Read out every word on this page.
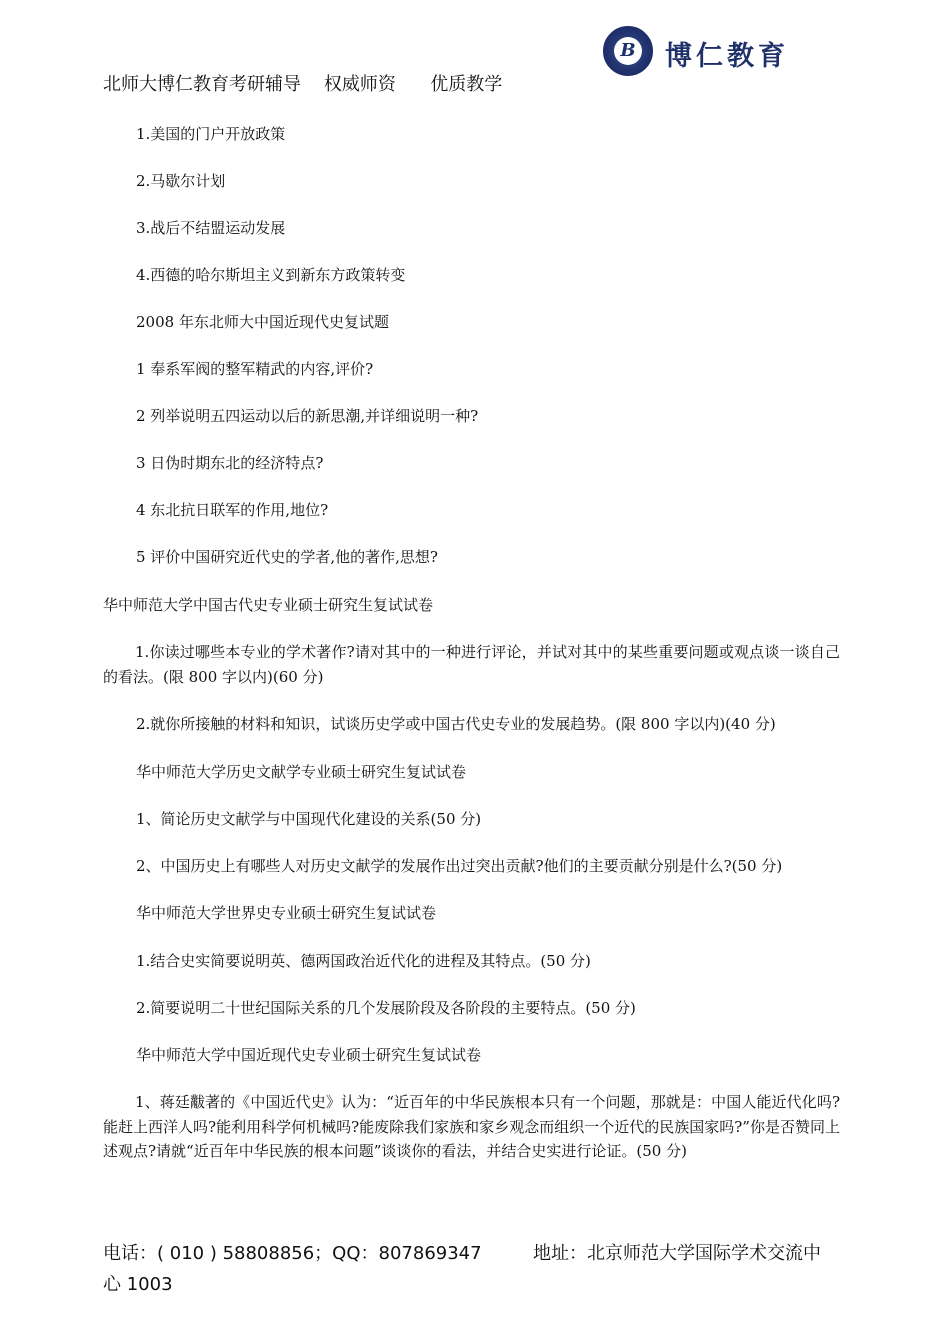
B 博仁教育
北师大博仁教育考研辅导    权威师资      优质教学
1.美国的门户开放政策
2.马歇尔计划
3.战后不结盟运动发展
4.西德的哈尔斯坦主义到新东方政策转变
2008 年东北师大中国近现代史复试题
1 奉系军阀的整军精武的内容,评价?
2 列举说明五四运动以后的新思潮,并详细说明一种?
3 日伪时期东北的经济特点?
4 东北抗日联军的作用,地位?
5 评价中国研究近代史的学者,他的著作,思想?
华中师范大学中国古代史专业硕士研究生复试试卷
1.你读过哪些本专业的学术著作?请对其中的一种进行评论，并试对其中的某些重要问题或观点谈一谈自己的看法。(限 800 字以内)(60 分)
2.就你所接触的材料和知识，试谈历史学或中国古代史专业的发展趋势。(限 800 字以内)(40 分)
华中师范大学历史文献学专业硕士研究生复试试卷
1、简论历史文献学与中国现代化建设的关系(50 分)
2、中国历史上有哪些人对历史文献学的发展作出过突出贡献?他们的主要贡献分别是什么?(50 分)
华中师范大学世界史专业硕士研究生复试试卷
1.结合史实简要说明英、德两国政治近代化的进程及其特点。(50 分)
2.简要说明二十世纪国际关系的几个发展阶段及各阶段的主要特点。(50 分)
华中师范大学中国近现代史专业硕士研究生复试试卷
1、蒋廷黻著的《中国近代史》认为：“近百年的中华民族根本只有一个问题，那就是：中国人能近代化吗?能赶上西洋人吗?能利用科学何机械吗?能废除我们家族和家乡观念而组织一个近代的民族国家吗?”你是否赞同上述观点?请就“近百年中华民族的根本问题”谈谈你的看法，并结合史实进行论证。(50 分)
电话：( 010 ) 58808856；QQ：807869347	地址：北京师范大学国际学术交流中
心 1003
